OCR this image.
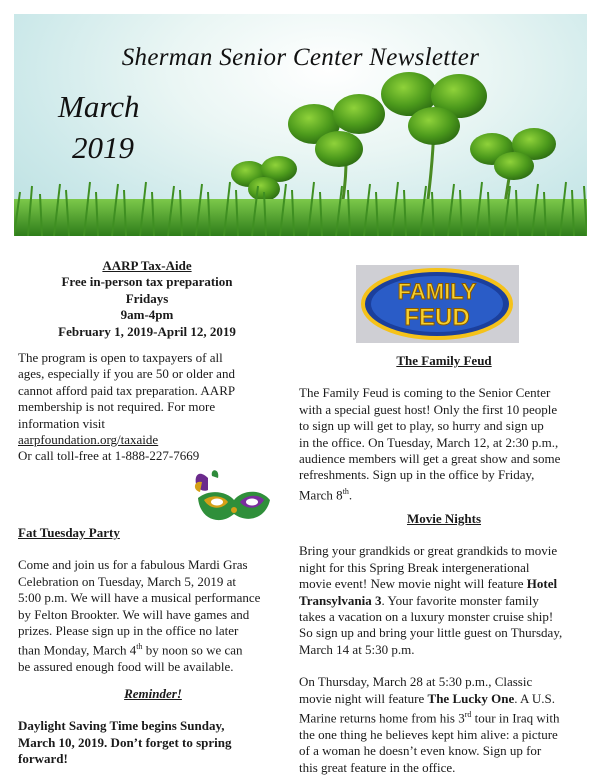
Sherman Senior Center Newsletter
March
2019

AARP Tax-Aide

Free in-person tax preparation

Fridays

9am-4pm

February 1, 2019-April 12, 2019

The program is open to taxpayers of all

ages, especially if you are 50 or older and

cannot afford paid tax preparation. AARP

membership is not required. For more

information visit

aarpfoundation.org/taxaide

Or call toll-free at 1-888-227-7669

Fat Tuesday Party

Come and join us for a fabulous Mardi Gras

Celebration on Tuesday, March 5, 2019 at

5:00 p.m. We will have a musical performance

by Felton Brookter. We will have games and

prizes. Please sign up in the office no later

than Monday, March 4th by noon so we can

be assured enough food will be available.

Reminder!

Daylight Saving Time begins Sunday,

March 10, 2019. Don’t forget to spring

forward!

FAMILY
FEUD

The Family Feud

The Family Feud is coming to the Senior Center

with a special guest host! Only the first 10 people

to sign up will get to play, so hurry and sign up

in the office. On Tuesday, March 12, at 2:30 p.m.,

audience members will get a great show and some

refreshments. Sign up in the office by Friday,

March 8th.

Movie Nights

Bring your grandkids or great grandkids to movie

night for this Spring Break intergenerational

movie event! New movie night will feature Hotel

Transylvania 3. Your favorite monster family

takes a vacation on a luxury monster cruise ship!

So sign up and bring your little guest on Thursday,

March 14 at 5:30 p.m.

On Thursday, March 28 at 5:30 p.m., Classic

movie night will feature The Lucky One. A U.S.

Marine returns home from his 3rd tour in Iraq with

the one thing he believes kept him alive: a picture

of a woman he doesn’t even know. Sign up for

this great feature in the office.
